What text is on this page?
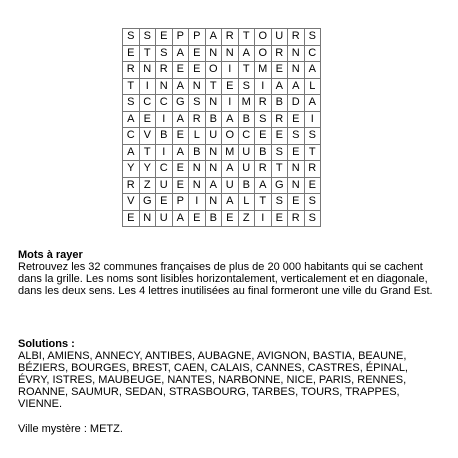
S	S	E	P	P	A	R	T	O	U	R	S
E	T	S	A	E	N	N	A	O	R	N	C
R	N	R	E	E	O	I	T	M	E	N	A
T	I	N	A	N	T	E	S	I	A	A	L
S	C	C	G	S	N	I	M	R	B	D	A
A	E	I	A	R	B	A	B	S	R	E	I
C	V	B	E	L	U	O	C	E	E	S	S
A	T	I	A	B	N	M	U	B	S	E	T
Y	Y	C	E	N	N	A	U	R	T	N	R
R	Z	U	E	N	A	U	B	A	G	N	E
V	G	E	P	I	N	A	L	T	S	E	S
E	N	U	A	E	B	E	Z	I	E	R	S
Mots à rayer
Retrouvez les 32 communes françaises de plus de 20 000 habitants qui se cachent
dans la grille. Les noms sont lisibles horizontalement, verticalement et en diagonale,
dans les deux sens. Les 4 lettres inutilisées au final formeront une ville du Grand Est.
Solutions :
ALBI, AMIENS, ANNECY, ANTIBES, AUBAGNE, AVIGNON, BASTIA, BEAUNE,
BÉZIERS, BOURGES, BREST, CAEN, CALAIS, CANNES, CASTRES, ÉPINAL,
ÉVRY, ISTRES, MAUBEUGE, NANTES, NARBONNE, NICE, PARIS, RENNES,
ROANNE, SAUMUR, SEDAN, STRASBOURG, TARBES, TOURS, TRAPPES,
VIENNE.
Ville mystère : METZ.
